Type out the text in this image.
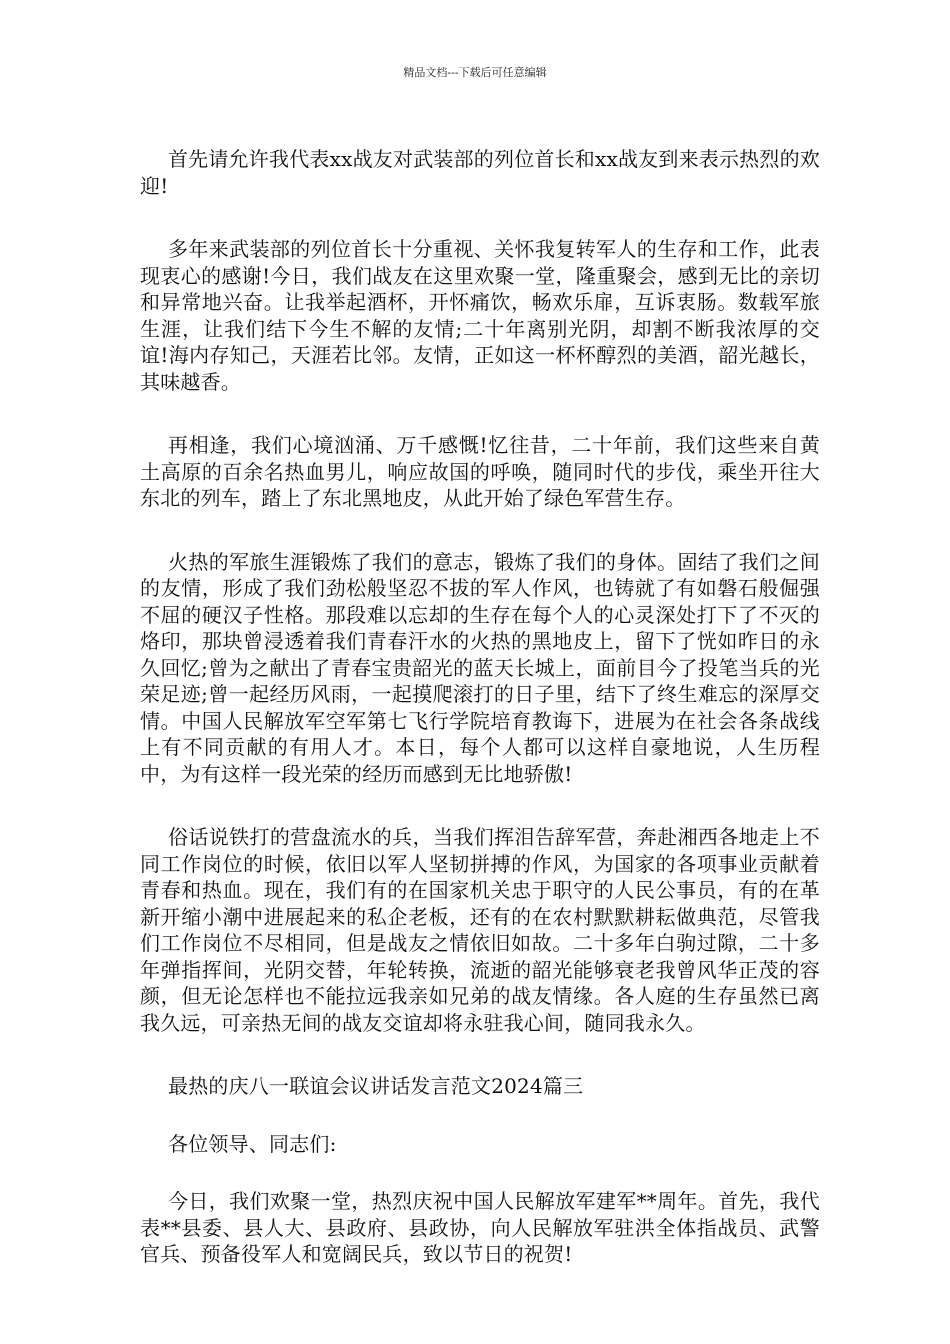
精品文档---下载后可任意编辑

首先请允许我代表xx战友对武装部的列位首长和xx战友到来表示热烈的欢迎!

多年来武装部的列位首长十分重视、关怀我复转军人的生存和工作，此表现衷心的感谢!今日，我们战友在这里欢聚一堂，隆重聚会，感到无比的亲切和异常地兴奋。让我举起酒杯，开怀痛饮，畅欢乐扉，互诉衷肠。数载军旅生涯，让我们结下今生不解的友情;二十年离别光阴，却割不断我浓厚的交谊!海内存知己，天涯若比邻。友情，正如这一杯杯醇烈的美酒，韶光越长，其味越香。

再相逢，我们心境汹涌、万千感慨!忆往昔，二十年前，我们这些来自黄土高原的百余名热血男儿，响应故国的呼唤，随同时代的步伐，乘坐开往大东北的列车，踏上了东北黑地皮，从此开始了绿色军营生存。

火热的军旅生涯锻炼了我们的意志，锻炼了我们的身体。固结了我们之间的友情，形成了我们劲松般坚忍不拔的军人作风，也铸就了有如磐石般倔强不屈的硬汉子性格。那段难以忘却的生存在每个人的心灵深处打下了不灭的烙印，那块曾浸透着我们青春汗水的火热的黑地皮上，留下了恍如昨日的永久回忆;曾为之献出了青春宝贵韶光的蓝天长城上，面前目今了投笔当兵的光荣足迹;曾一起经历风雨，一起摸爬滚打的日子里，结下了终生难忘的深厚交情。中国人民解放军空军第七飞行学院培育教诲下，进展为在社会各条战线上有不同贡献的有用人才。本日，每个人都可以这样自豪地说，人生历程中，为有这样一段光荣的经历而感到无比地骄傲!

俗话说铁打的营盘流水的兵，当我们挥泪告辞军营，奔赴湘西各地走上不同工作岗位的时候，依旧以军人坚韧拼搏的作风，为国家的各项事业贡献着青春和热血。现在，我们有的在国家机关忠于职守的人民公事员，有的在革新开缩小潮中进展起来的私企老板，还有的在农村默默耕耘做典范，尽管我们工作岗位不尽相同，但是战友之情依旧如故。二十多年白驹过隙，二十多年弹指挥间，光阴交替，年轮转换，流逝的韶光能够衰老我曾风华正茂的容颜，但无论怎样也不能拉远我亲如兄弟的战友情缘。各人庭的生存虽然已离我久远，可亲热无间的战友交谊却将永驻我心间，随同我永久。

最热的庆八一联谊会议讲话发言范文2024篇三

各位领导、同志们:

今日，我们欢聚一堂，热烈庆祝中国人民解放军建军**周年。首先，我代表**县委、县人大、县政府、县政协，向人民解放军驻洪全体指战员、武警官兵、预备役军人和宽阔民兵，致以节日的祝贺!
